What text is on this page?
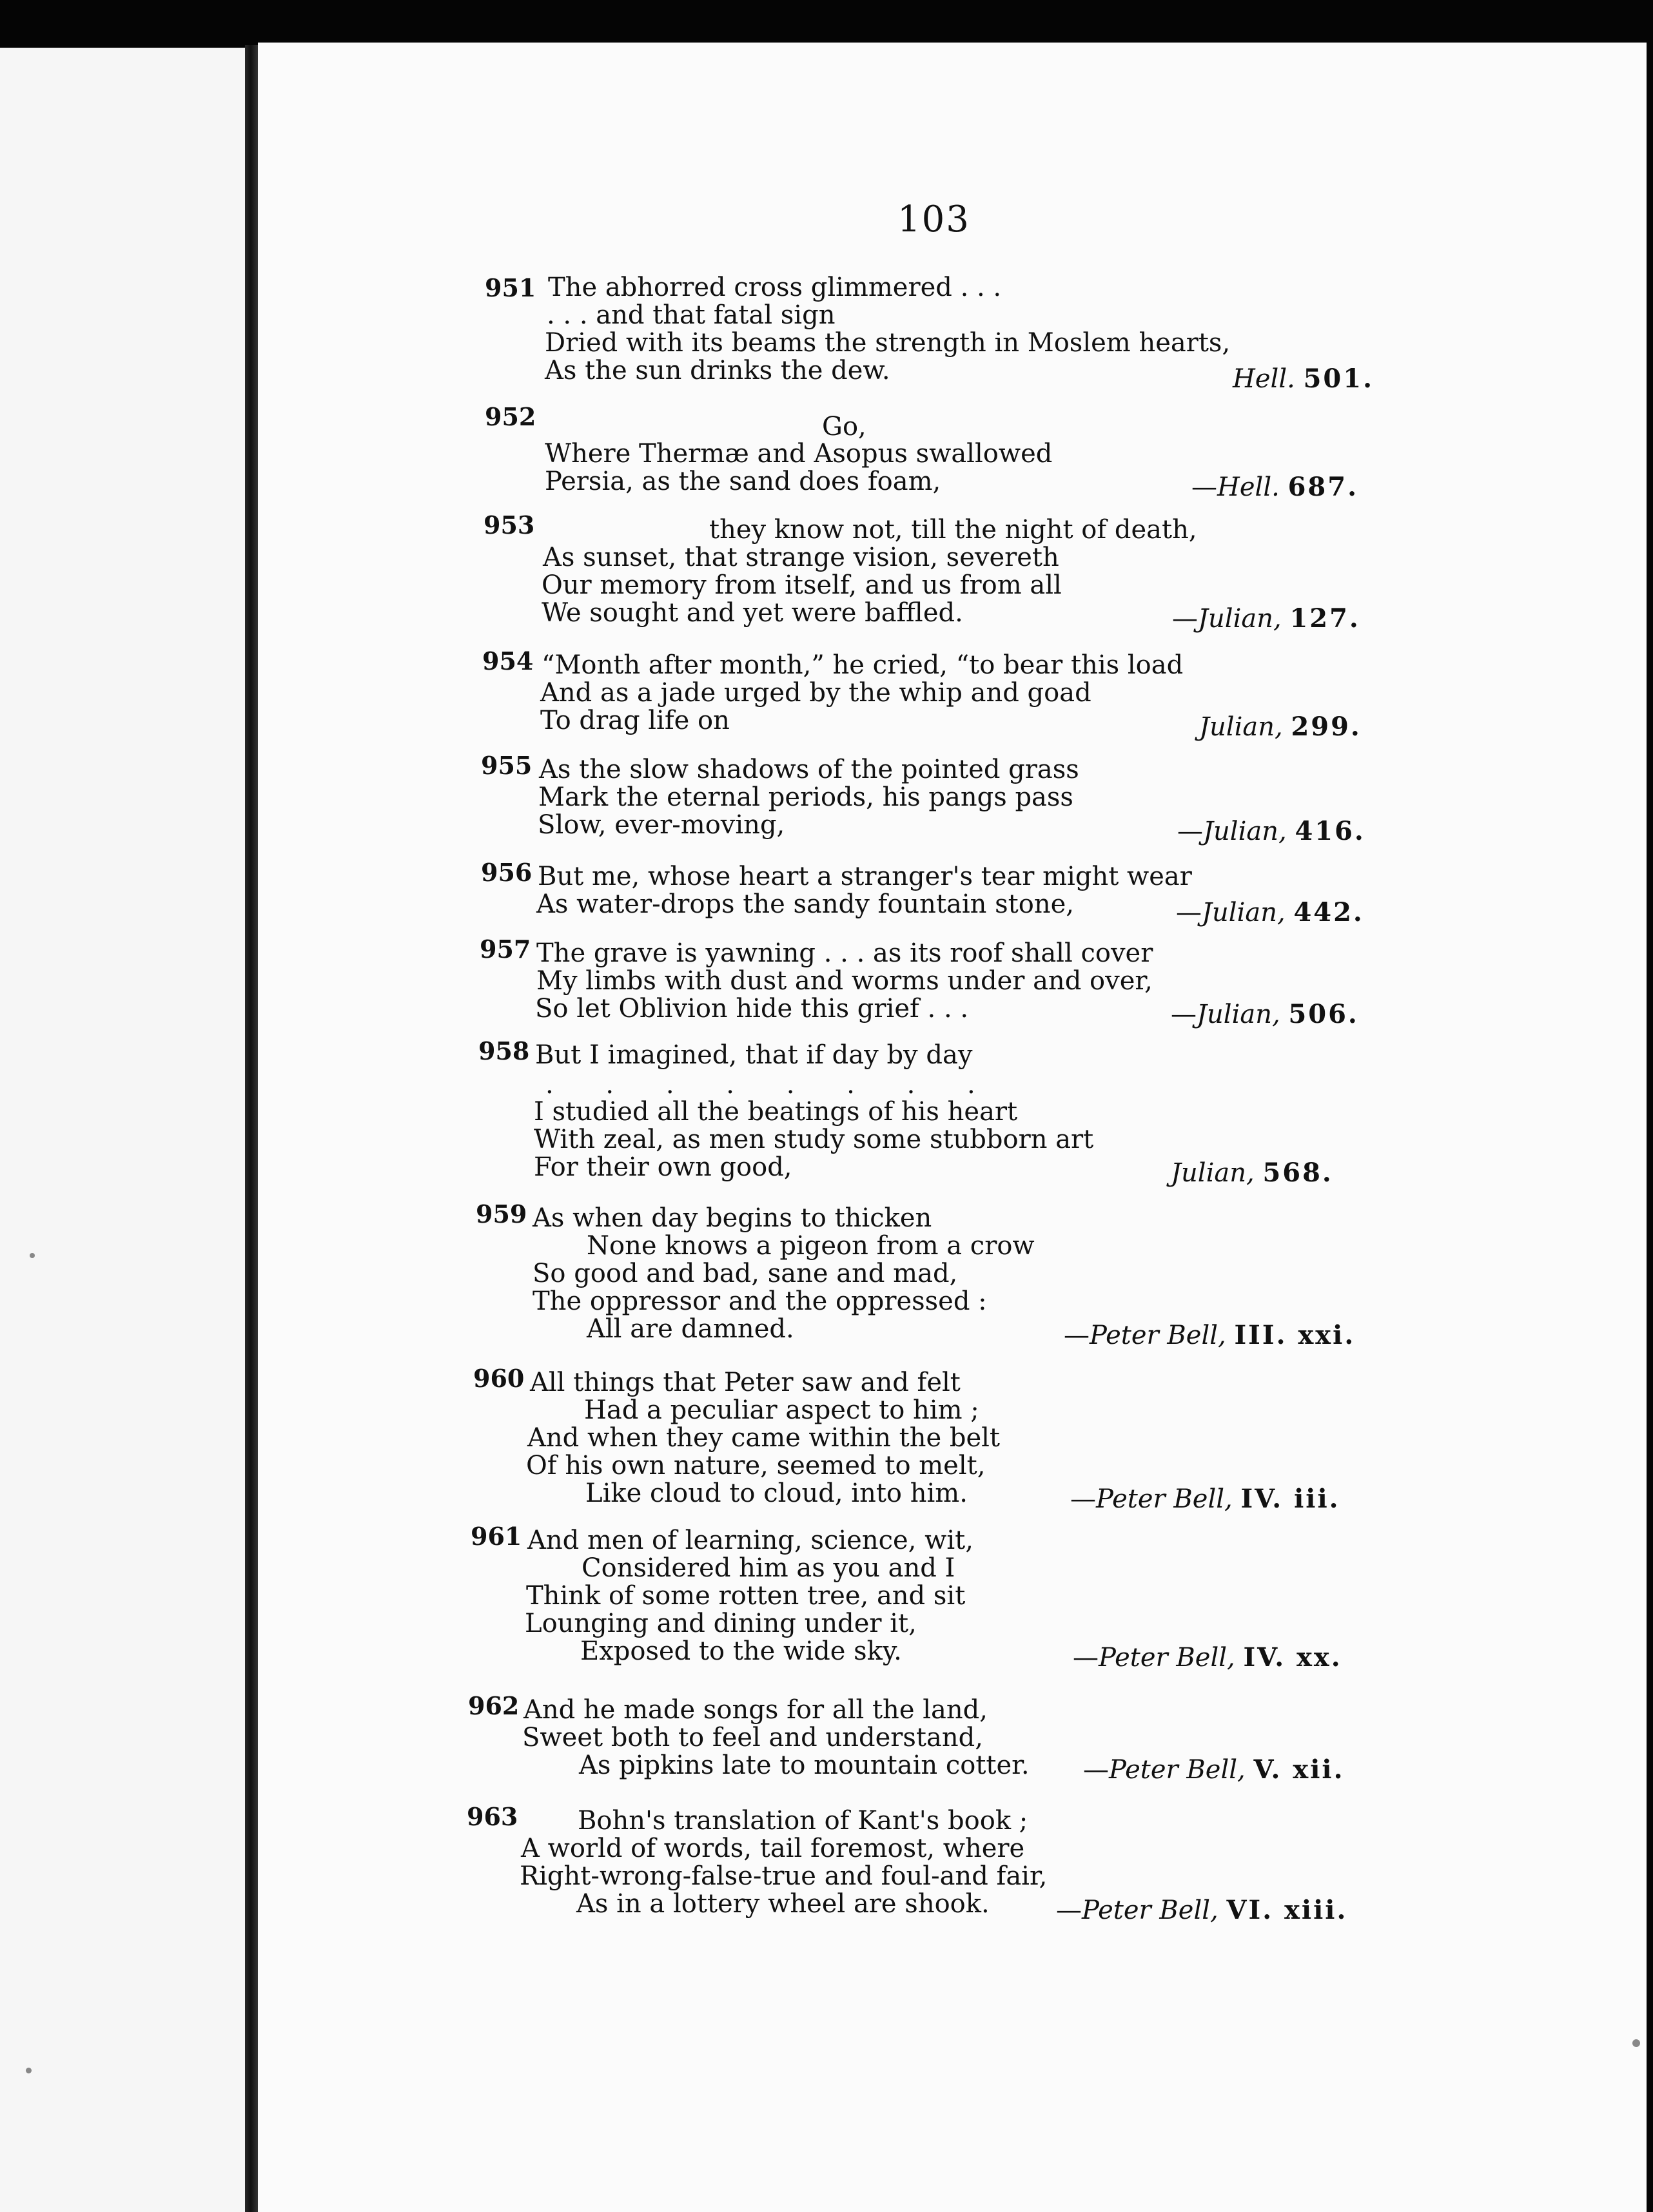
103
951 The abhorred cross glimmered . . .
. . . and that fatal sign
Dried with its beams the strength in Moslem hearts,
As the sun drinks the dew.	Hell. 501.
952	Go,
Where Thermæ and Asopus swallowed
Persia, as the sand does foam,	—Hell. 687.
953	they know not, till the night of death,
As sunset, that strange vision, severeth
Our memory from itself, and us from all
We sought and yet were baffled.	—Julian, 127.
954 “Month after month,” he cried, “to bear this load
And as a jade urged by the whip and goad
To drag life on	Julian, 299.
955 As the slow shadows of the pointed grass
Mark the eternal periods, his pangs pass
Slow, ever-moving,	—Julian, 416.
956 But me, whose heart a stranger's tear might wear
As water-drops the sandy fountain stone,	—Julian, 442.
957 The grave is yawning . . . as its roof shall cover
My limbs with dust and worms under and over,
So let Oblivion hide this grief . . .	—Julian, 506.
958 But I imagined, that if day by day
. . . . . . . .
I studied all the beatings of his heart
With zeal, as men study some stubborn art
For their own good,	Julian, 568.
959 As when day begins to thicken
None knows a pigeon from a crow
So good and bad, sane and mad,
The oppressor and the oppressed :
All are damned.	—Peter Bell, III. xxi.
960 All things that Peter saw and felt
Had a peculiar aspect to him ;
And when they came within the belt
Of his own nature, seemed to melt,
Like cloud to cloud, into him.	—Peter Bell, IV. iii.
961 And men of learning, science, wit,
Considered him as you and I
Think of some rotten tree, and sit
Lounging and dining under it,
Exposed to the wide sky.	—Peter Bell, IV. xx.
962 And he made songs for all the land,
Sweet both to feel and understand,
As pipkins late to mountain cotter. —Peter Bell, V. xii.
963 Bohn's translation of Kant's book ;
A world of words, tail foremost, where
Right-wrong-false-true and foul-and fair,
As in a lottery wheel are shook.	—Peter Bell, VI. xiii.
